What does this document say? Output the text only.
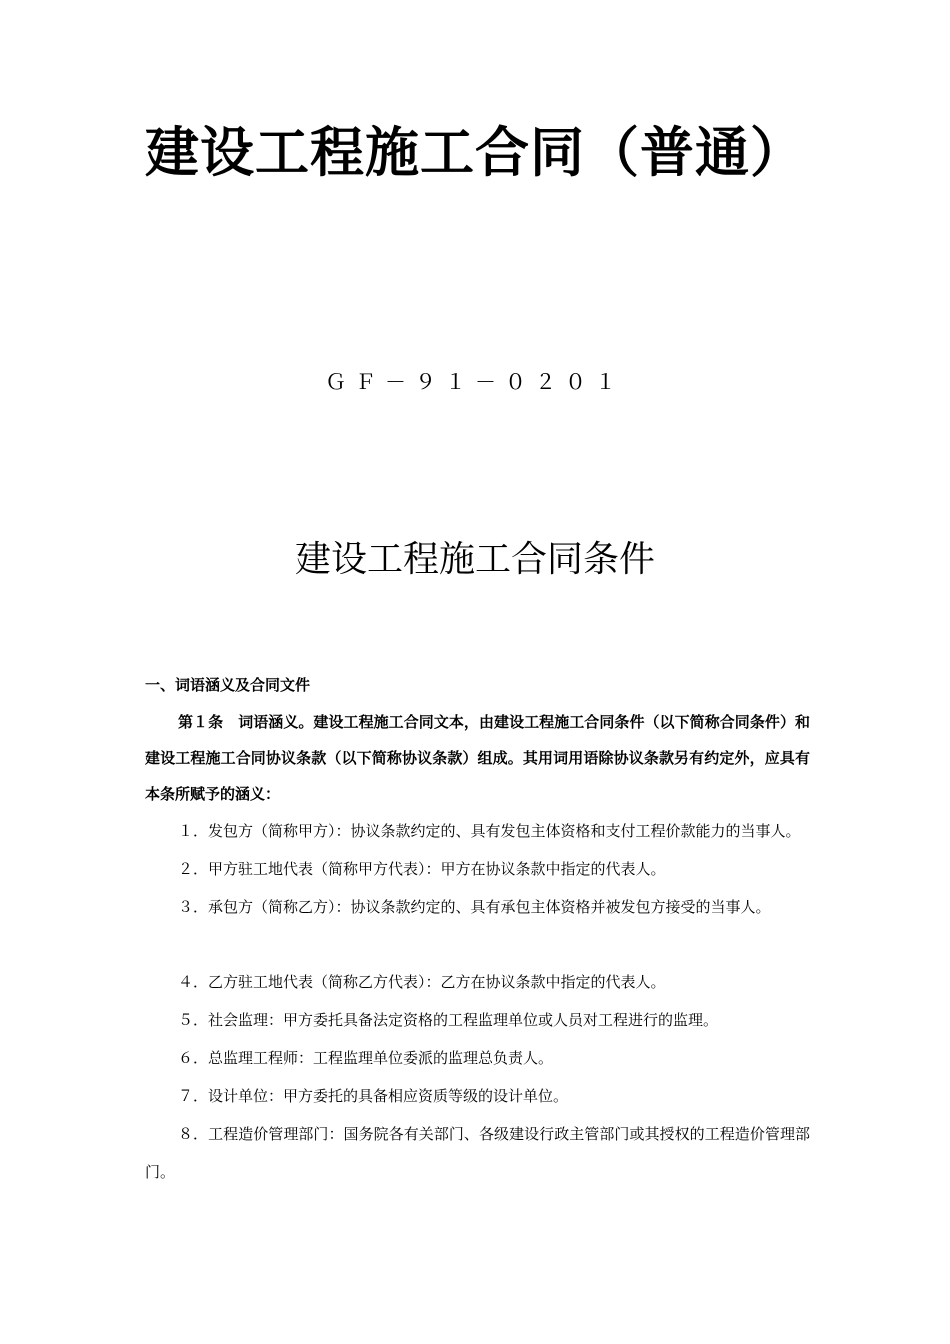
建设工程施工合同（普通）
ＧＦ－９１－０２０１
建设工程施工合同条件
一、词语涵义及合同文件
第１条　词语涵义。建设工程施工合同文本，由建设工程施工合同条件（以下简称合同条件）和建设工程施工合同协议条款（以下简称协议条款）组成。其用词用语除协议条款另有约定外，应具有本条所赋予的涵义：
１．发包方（简称甲方）：协议条款约定的、具有发包主体资格和支付工程价款能力的当事人。
２．甲方驻工地代表（简称甲方代表）：甲方在协议条款中指定的代表人。
３．承包方（简称乙方）：协议条款约定的、具有承包主体资格并被发包方接受的当事人。
４．乙方驻工地代表（简称乙方代表）：乙方在协议条款中指定的代表人。
５．社会监理：甲方委托具备法定资格的工程监理单位或人员对工程进行的监理。
６．总监理工程师：工程监理单位委派的监理总负责人。
７．设计单位：甲方委托的具备相应资质等级的设计单位。
８．工程造价管理部门：国务院各有关部门、各级建设行政主管部门或其授权的工程造价管理部门。
